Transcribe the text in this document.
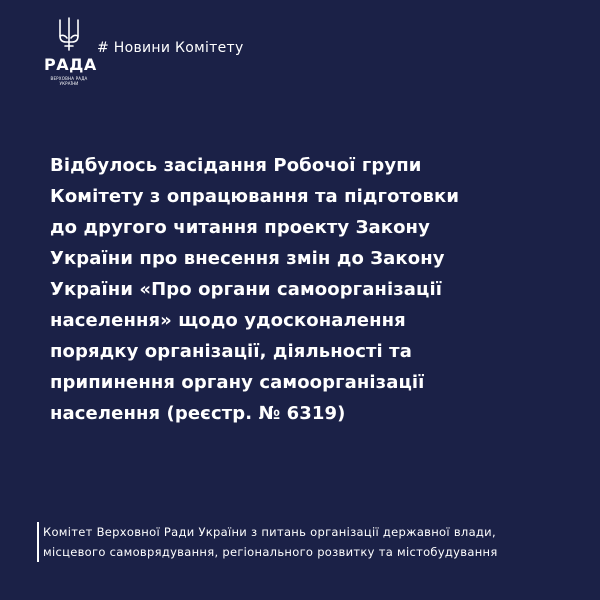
РАДА
ВЕРХОВНА РАДА
УКРАЇНИ
# Новини Комітету
Відбулось засідання Робочої групи
Комітету з опрацювання та підготовки
до другого читання проекту Закону
України про внесення змін до Закону
України «Про органи самоорганізації
населення» щодо удосконалення
порядку організації, діяльності та
припинення органу самоорганізації
населення (реєстр. № 6319)
Комітет Верховної Ради України з питань організації державної влади,
місцевого самоврядування, регіонального розвитку та містобудування
